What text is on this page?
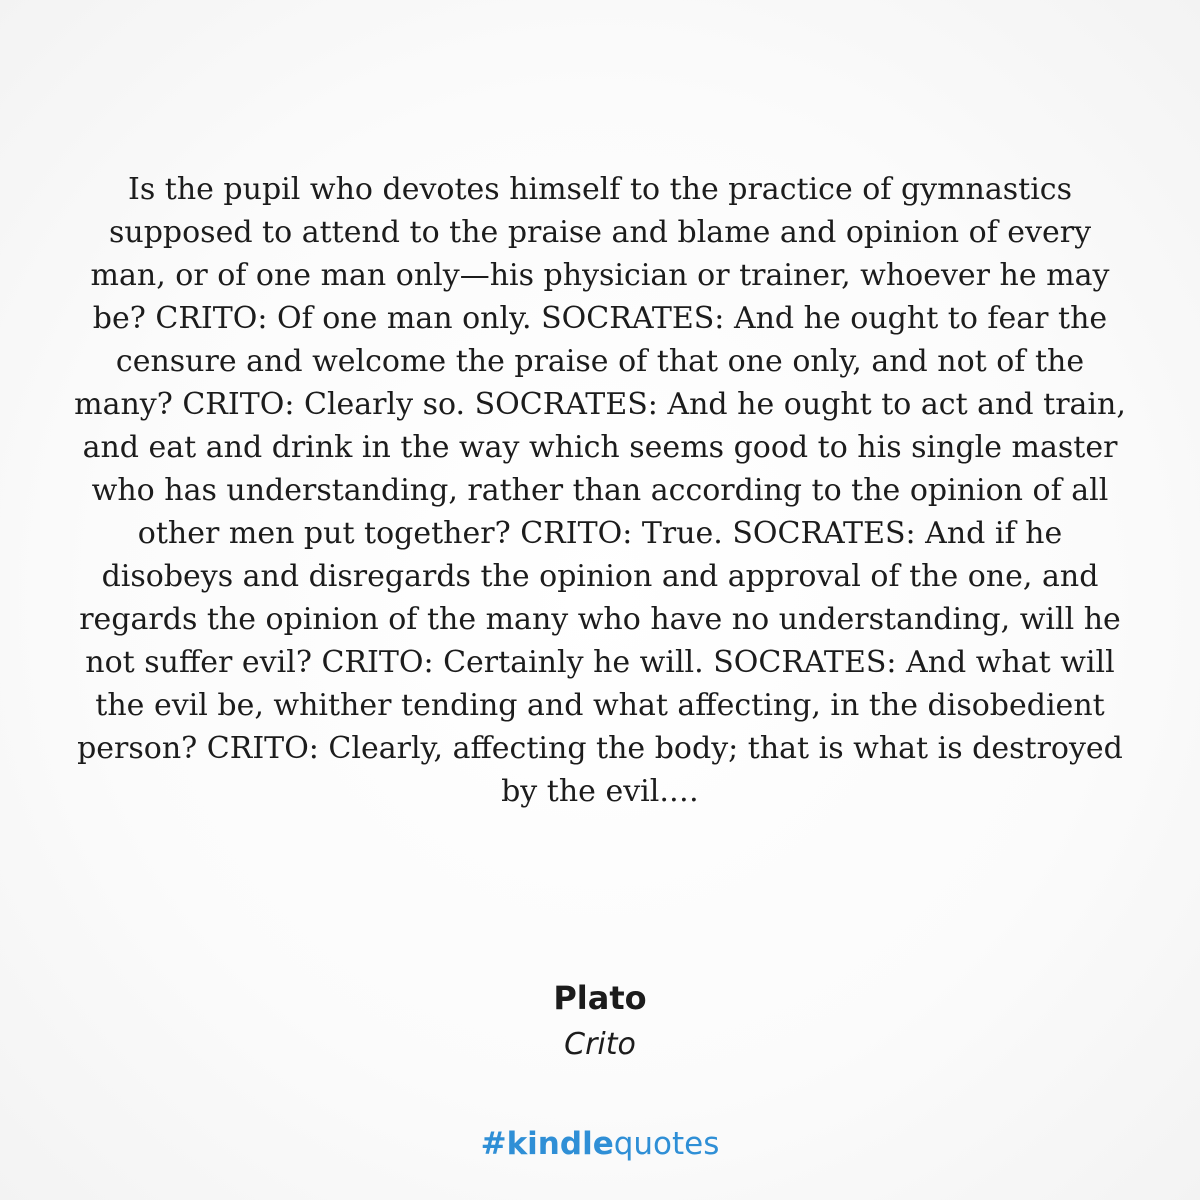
Is the pupil who devotes himself to the practice of gymnastics supposed to attend to the praise and blame and opinion of every man, or of one man only—his physician or trainer, whoever he may be? CRITO: Of one man only. SOCRATES: And he ought to fear the censure and welcome the praise of that one only, and not of the many? CRITO: Clearly so. SOCRATES: And he ought to act and train, and eat and drink in the way which seems good to his single master who has understanding, rather than according to the opinion of all other men put together? CRITO: True. SOCRATES: And if he disobeys and disregards the opinion and approval of the one, and regards the opinion of the many who have no understanding, will he not suffer evil? CRITO: Certainly he will. SOCRATES: And what will the evil be, whither tending and what affecting, in the disobedient person? CRITO: Clearly, affecting the body; that is what is destroyed by the evil.…

Plato
Crito
#kindlequotes
